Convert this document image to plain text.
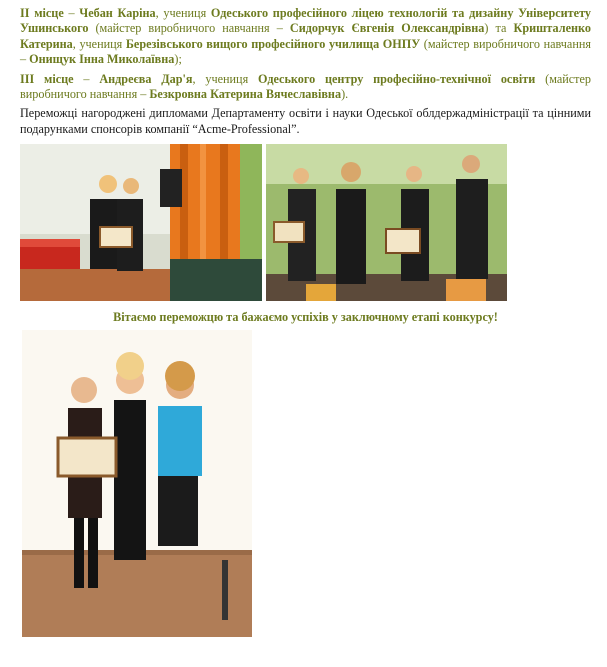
ІІ місце – Чебан Каріна, учениця Одеського професійного ліцею технологій та дизайну Університету Ушинського (майстер виробничого навчання – Сидорчук Євгенія Олександрівна) та Кришталенко Катерина, учениця Березівського вищого професійного училища ОНПУ (майстер виробничого навчання – Онищук Інна Миколаївна);

ІІІ місце – Андреєва Дар'я, учениця Одеського центру професійно-технічної освіти (майстер виробничого навчання – Безкровна Катерина Вячеславівна).

Переможці нагороджені дипломами Департаменту освіти і науки Одеської облдержадміністрації та цінними подарунками спонсорів компанії “Acme-Professional”.

Вітаємо переможцю та бажаємо успіхів у заключному етапі конкурсу!
